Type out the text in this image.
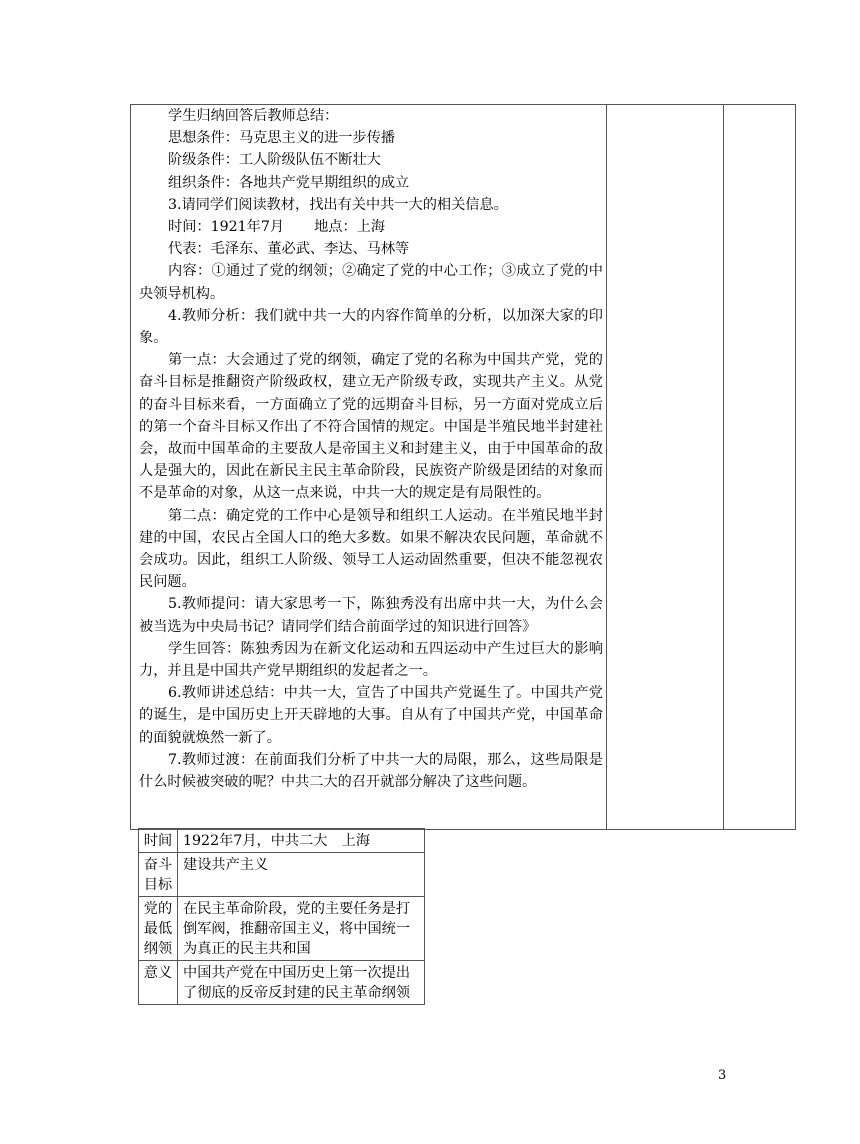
学生归纳回答后教师总结：

思想条件：马克思主义的进一步传播

阶级条件：工人阶级队伍不断壮大

组织条件：各地共产党早期组织的成立

3.请同学们阅读教材，找出有关中共一大的相关信息。

时间：1921年7月 地点：上海

代表：毛泽东、董必武、李达、马林等

内容：①通过了党的纲领；②确定了党的中心工作；③成立了党的中央领导机构。

4.教师分析：我们就中共一大的内容作简单的分析，以加深大家的印象。

第一点：大会通过了党的纲领，确定了党的名称为中国共产党，党的奋斗目标是推翻资产阶级政权，建立无产阶级专政，实现共产主义。从党的奋斗目标来看，一方面确立了党的远期奋斗目标，另一方面对党成立后的第一个奋斗目标又作出了不符合国情的规定。中国是半殖民地半封建社会，故而中国革命的主要敌人是帝国主义和封建主义，由于中国革命的敌人是强大的，因此在新民主民主革命阶段，民族资产阶级是团结的对象而不是革命的对象，从这一点来说，中共一大的规定是有局限性的。

第二点：确定党的工作中心是领导和组织工人运动。在半殖民地半封建的中国，农民占全国人口的绝大多数。如果不解决农民问题，革命就不会成功。因此，组织工人阶级、领导工人运动固然重要，但决不能忽视农民问题。

5.教师提问：请大家思考一下，陈独秀没有出席中共一大，为什么会被当选为中央局书记？请同学们结合前面学过的知识进行回答》

学生回答：陈独秀因为在新文化运动和五四运动中产生过巨大的影响力，并且是中国共产党早期组织的发起者之一。

6.教师讲述总结：中共一大，宣告了中国共产党诞生了。中国共产党的诞生，是中国历史上开天辟地的大事。自从有了中国共产党，中国革命的面貌就焕然一新了。

7.教师过渡：在前面我们分析了中共一大的局限，那么，这些局限是什么时候被突破的呢？中共二大的召开就部分解决了这些问题。

时间	1922年7月，中共二大　上海
奋斗目标	建设共产主义
党的最低纲领	在民主革命阶段，党的主要任务是打倒军阀，推翻帝国主义，将中国统一为真正的民主共和国
意义	中国共产党在中国历史上第一次提出了彻底的反帝反封建的民主革命纲领
3
